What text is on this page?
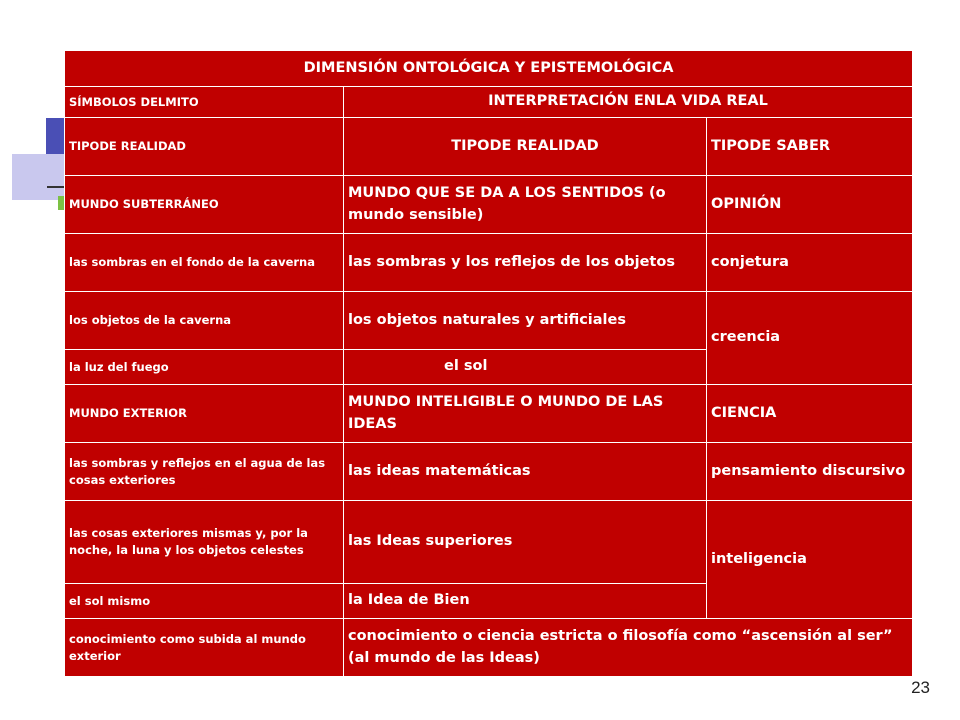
DIMENSIÓN ONTOLÓGICA Y EPISTEMOLÓGICA		
SÍMBOLOS DELMITO	INTERPRETACIÓN ENLA VIDA REAL	
TIPODE REALIDAD	TIPODE REALIDAD	TIPODE SABER
MUNDO SUBTERRÁNEO	MUNDO QUE SE DA A LOS SENTIDOS (o mundo sensible)	OPINIÓN
las sombras en el fondo de la caverna	las sombras y los reflejos de los objetos	conjetura
los objetos de la caverna	los objetos naturales y artificiales	creencia
la luz del fuego	el sol	
MUNDO EXTERIOR	MUNDO INTELIGIBLE O MUNDO DE LAS IDEAS	CIENCIA
las sombras y reflejos en el agua de las cosas exteriores	las ideas matemáticas	pensamiento discursivo
las cosas exteriores mismas y, por la noche, la luna y los objetos celestes	las Ideas superiores	inteligencia
el sol mismo	la Idea de Bien	
conocimiento como subida al mundo exterior	conocimiento o ciencia estricta o filosofía como “ascensión al ser” (al mundo de las Ideas)	
23
